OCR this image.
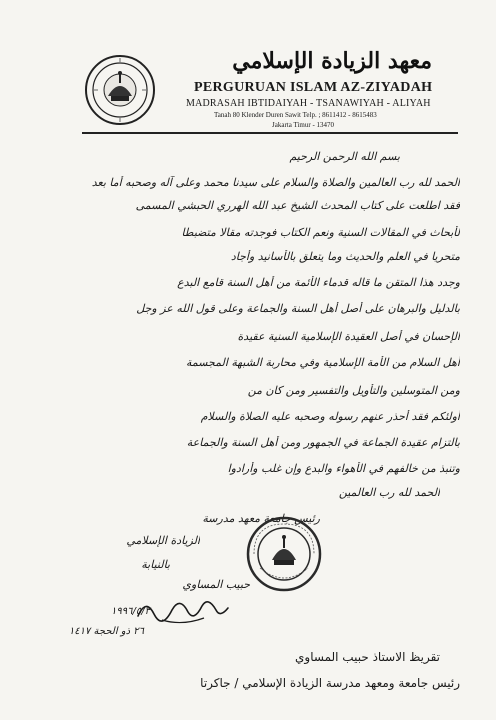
معهد الزيادة الإسلامي
PERGURUAN ISLAM AZ-ZIYADAH
MADRASAH IBTIDAIYAH - TSANAWIYAH - ALIYAH
Tanah 80 Klender Duren Sawit Telp. ; 8611412 - 8615483
Jakarta Timur - 13470
بسم الله الرحمن الرحيم
الحمد لله رب العالمين والصلاة والسلام على سيدنا محمد وعلى آله وصحبه أما بعد
فقد اطلعت على كتاب المحدث الشيخ عبد الله الهرري الحبشي المسمى
لأبحاث في المقالات السنية ونعم الكتاب فوجدته مقالا متضبطا
متحريا في العلم والحديث وما يتعلق بالأسانيد وأجاد
وجدد هذا المتقن ما قاله قدماء الأئمة من أهل السنة قامع البدع
بالدليل والبرهان على أصل أهل السنة والجماعة وعلى قول الله عز وجل
الإحسان في أصل العقيدة الإسلامية السنية عقيدة
أهل السلام من الأمة الإسلامية وفي محاربة الشبهة المجسمة
ومن المتوسلين والتأويل والتفسير ومن كان من
أولئكم فقد أحذر عنهم رسوله وصحبه عليه الصلاة والسلام
بالتزام عقيدة الجماعة في الجمهور ومن أهل السنة والجماعة
وتنبذ من خالفهم في الأهواء والبدع وإن غلب وأرادوا
الحمد لله رب العالمين
رئيس جامعة معهد مدرسة
الزيادة الإسلامي
بالنيابة
حبيب المساوي
١٩٩٦/٥/٣
٢٦ ذو الحجة ١٤١٧
تقريظ الاستاذ حبيب المساوي
رئيس جامعة ومعهد مدرسة الزيادة الإسلامي / جاكرتا
